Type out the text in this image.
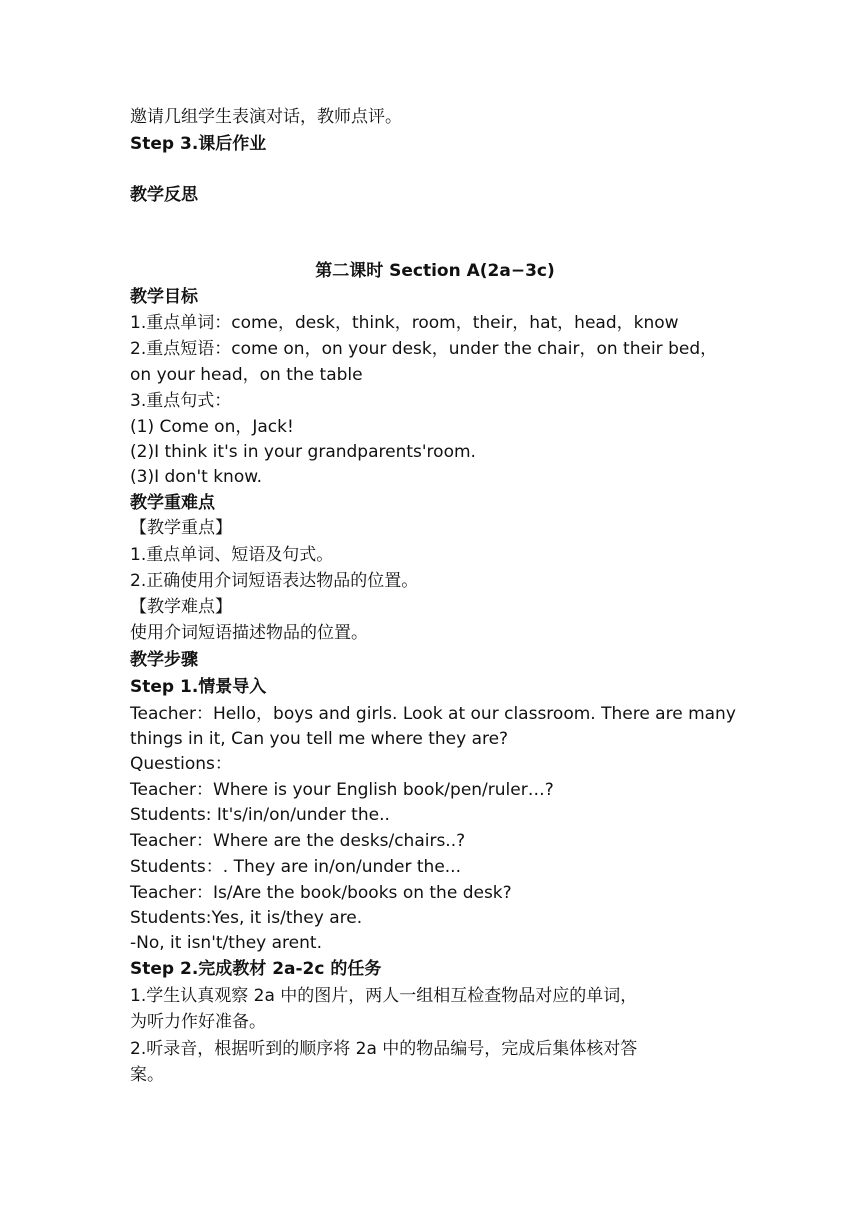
邀请几组学生表演对话，教师点评。
Step 3.课后作业
教学反思
第二课时 Section A(2a−3c)
教学目标
1.重点单词：come，desk，think，room，their，hat，head，know
2.重点短语：come on，on your desk，under the chair，on their bed，
on your head，on the table
3.重点句式：
(1) Come on，Jack!
(2)I think it's in your grandparents'room.
(3)I don't know.
教学重难点
【教学重点】
1.重点单词、短语及句式。
2.正确使用介词短语表达物品的位置。
【教学难点】
使用介词短语描述物品的位置。
教学步骤
Step 1.情景导入
Teacher：Hello，boys and girls. Look at our classroom. There are many
things in it, Can you tell me where they are?
Questions：
Teacher：Where is your English book/pen/ruler…?
Students: It's/in/on/under the..
Teacher：Where are the desks/chairs..?
Students：. They are in/on/under the...
Teacher：Is/Are the book/books on the desk?
Students:Yes, it is/they are.
-No, it isn't/they arent.
Step 2.完成教材 2a-2c 的任务
1.学生认真观察 2a 中的图片，两人一组相互检查物品对应的单词，
为听力作好准备。
2.听录音，根据听到的顺序将 2a 中的物品编号，完成后集体核对答
案。
